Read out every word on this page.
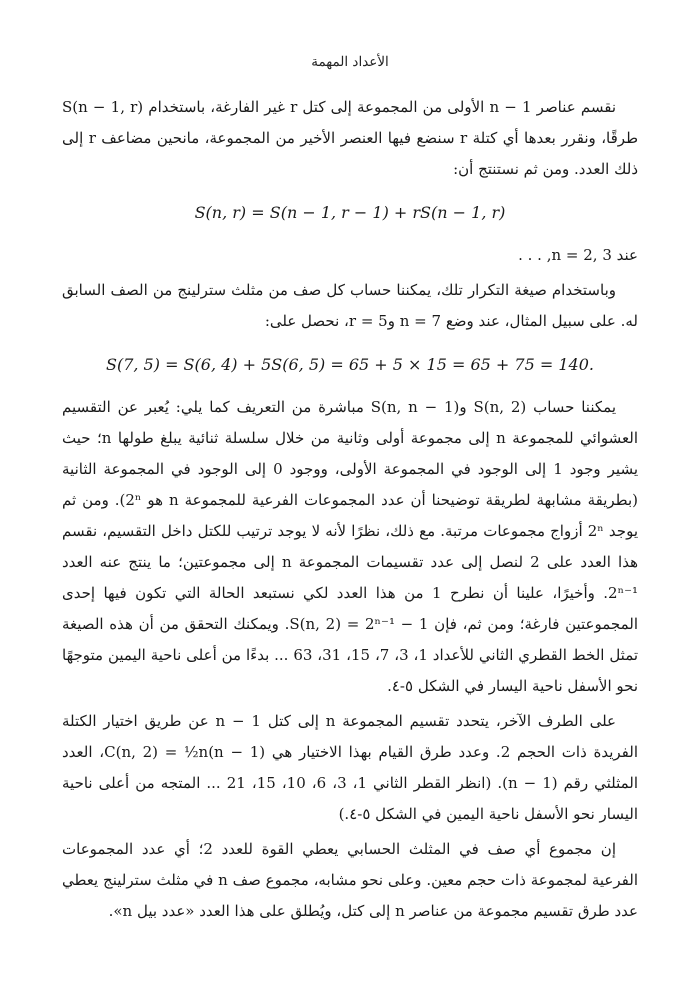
الأعداد المهمة

نقسم عناصر n − 1 الأولى من المجموعة إلى كتل r غير الفارغة، باستخدام S(n − 1, r) طرقًا، ونقرر بعدها أي كتلة r سنضع فيها العنصر الأخير من المجموعة، مانحين مضاعف r إلى ذلك العدد. ومن ثم نستنتج أن:

S(n, r) = S(n − 1, r − 1) + rS(n − 1, r)

عند n = 2, 3, . . .

وباستخدام صيغة التكرار تلك، يمكننا حساب كل صف من مثلث سترلينج من الصف السابق له. على سبيل المثال، عند وضع n = 7 و5 = r، نحصل على:

S(7, 5) = S(6, 4) + 5S(6, 5) = 65 + 5 × 15 = 65 + 75 = 140.

يمكننا حساب S(n, 2) وS(n, n − 1) مباشرة من التعريف كما يلي: يُعبر عن التقسيم العشوائي للمجموعة n إلى مجموعة أولى وثانية من خلال سلسلة ثنائية يبلغ طولها n؛ حيث يشير وجود 1 إلى الوجود في المجموعة الأولى، ووجود 0 إلى الوجود في المجموعة الثانية (بطريقة مشابهة لطريقة توضيحنا أن عدد المجموعات الفرعية للمجموعة n هو 2ⁿ). ومن ثم يوجد 2ⁿ أزواج مجموعات مرتبة. مع ذلك، نظرًا لأنه لا يوجد ترتيب للكتل داخل التقسيم، نقسم هذا العدد على 2 لنصل إلى عدد تقسيمات المجموعة n إلى مجموعتين؛ ما ينتج عنه العدد 2ⁿ⁻¹. وأخيرًا، علينا أن نطرح 1 من هذا العدد لكي نستبعد الحالة التي تكون فيها إحدى المجموعتين فارغة؛ ومن ثم، فإن S(n, 2) = 2ⁿ⁻¹ − 1. ويمكنك التحقق من أن هذه الصيغة تمثل الخط القطري الثاني للأعداد 1، 3، 7، 15، 31، 63 ... بدءًا من أعلى ناحية اليمين متوجهًا نحو الأسفل ناحية اليسار في الشكل ٥-٤.

على الطرف الآخر، يتحدد تقسيم المجموعة n إلى كتل n − 1 عن طريق اختيار الكتلة الفريدة ذات الحجم 2. وعدد طرق القيام بهذا الاختيار هي C(n, 2) = ½n(n − 1)، العدد المثلثي رقم (n − 1). (انظر القطر الثاني 1، 3، 6، 10، 15، 21 ... المتجه من أعلى ناحية اليسار نحو الأسفل ناحية اليمين في الشكل ٥-٤.)

إن مجموع أي صف في المثلث الحسابي يعطي القوة للعدد 2؛ أي عدد المجموعات الفرعية لمجموعة ذات حجم معين. وعلى نحو مشابه، مجموع صف n في مثلث سترلينج يعطي عدد طرق تقسيم مجموعة من عناصر n إلى كتل، ويُطلق على هذا العدد «عدد بيل n».
